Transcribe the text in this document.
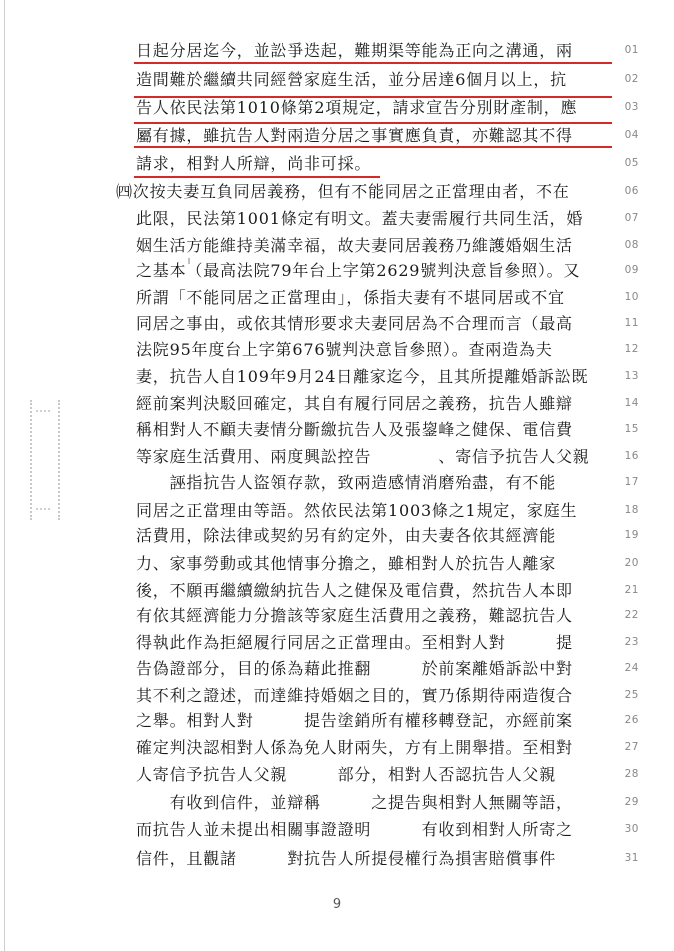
日起分居迄今，並訟爭迭起，難期渠等能為正向之溝通，兩	01
造間難於繼續共同經營家庭生活，並分居達6個月以上，抗	02
告人依民法第1010條第2項規定，請求宣告分別財產制，應	03
屬有據，雖抗告人對兩造分居之事實應負責，亦難認其不得	04
請求，相對人所辯，尚非可採。	05
㈣次按夫妻互負同居義務，但有不能同居之正當理由者，不在	06
此限，民法第1001條定有明文。蓋夫妻需履行共同生活，婚	07
姻生活方能維持美滿幸福，故夫妻同居義務乃維護婚姻生活	08
之基本（最高法院79年台上字第2629號判決意旨參照）。又	09
所謂「不能同居之正當理由」，係指夫妻有不堪同居或不宜	10
同居之事由，或依其情形要求夫妻同居為不合理而言（最高	11
法院95年度台上字第676號判決意旨參照）。查兩造為夫	12
妻，抗告人自109年9月24日離家迄今，且其所提離婚訴訟既	13
經前案判決駁回確定，其自有履行同居之義務，抗告人雖辯	14
稱相對人不顧夫妻情分斷繳抗告人及張鋆峰之健保、電信費	15
等家庭生活費用、兩度興訟控告　　　　、寄信予抗告人父親	16
　　誣指抗告人盜領存款，致兩造感情消磨殆盡，有不能	17
同居之正當理由等語。然依民法第1003條之1規定，家庭生	18
活費用，除法律或契約另有約定外，由夫妻各依其經濟能	19
力、家事勞動或其他情事分擔之，雖相對人於抗告人離家	20
後，不願再繼續繳納抗告人之健保及電信費，然抗告人本即	21
有依其經濟能力分擔該等家庭生活費用之義務，難認抗告人	22
得執此作為拒絕履行同居之正當理由。至相對人對　　　提	23
告偽證部分，目的係為藉此推翻　　　於前案離婚訴訟中對	24
其不利之證述，而達維持婚姻之目的，實乃係期待兩造復合	25
之舉。相對人對　　　提告塗銷所有權移轉登記，亦經前案	26
確定判決認相對人係為免人財兩失，方有上開舉措。至相對	27
人寄信予抗告人父親　　　部分，相對人否認抗告人父親	28
　　有收到信件，並辯稱　　　之提告與相對人無關等語，	29
而抗告人並未提出相關事證證明　　　有收到相對人所寄之	30
信件，且觀諸　　　對抗告人所提侵權行為損害賠償事件	31
9
